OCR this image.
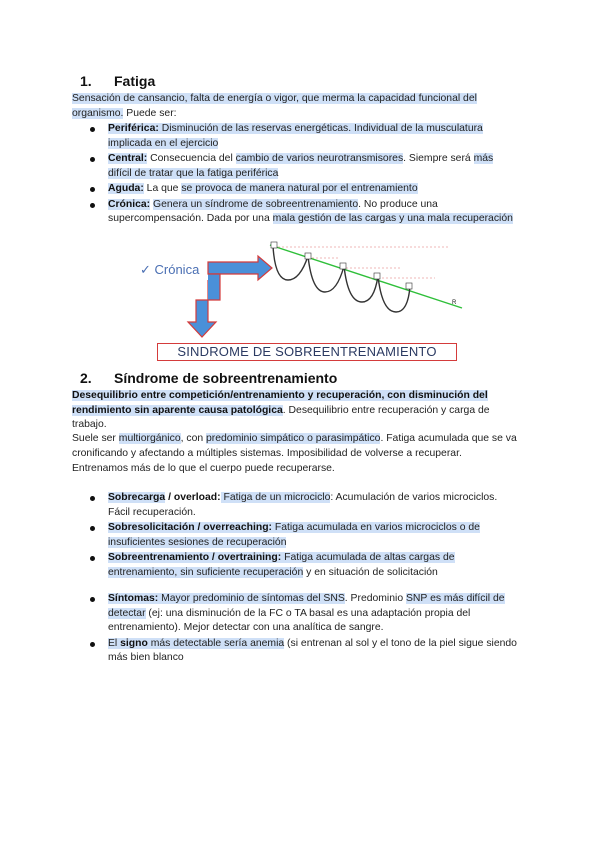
1. Fatiga

Sensación de cansancio, falta de energía o vigor, que merma la capacidad funcional del organismo. Puede ser:

Periférica: Disminución de las reservas energéticas. Individual de la musculatura implicada en el ejercicio
Central: Consecuencia del cambio de varios neurotransmisores. Siempre será más difícil de tratar que la fatiga periférica
Aguda: La que se provoca de manera natural por el entrenamiento
Crónica: Genera un síndrome de sobreentrenamiento. No produce una supercompensación. Dada por una mala gestión de las cargas y una mala recuperación
✓ Crónica
R
SINDROME DE SOBREENTRENAMIENTO
2. Síndrome de sobreentrenamiento

Desequilibrio entre competición/entrenamiento y recuperación, con disminución del rendimiento sin aparente causa patológica. Desequilibrio entre recuperación y carga de trabajo.

Suele ser multiorgánico, con predominio simpático o parasimpático. Fatiga acumulada que se va cronificando y afectando a múltiples sistemas. Imposibilidad de volverse a recuperar.

Entrenamos más de lo que el cuerpo puede recuperarse.

Sobrecarga / overload: Fatiga de un microciclo: Acumulación de varios microciclos. Fácil recuperación.
Sobresolicitación / overreaching: Fatiga acumulada en varios microciclos o de insuficientes sesiones de recuperación
Sobreentrenamiento / overtraining: Fatiga acumulada de altas cargas de entrenamiento, sin suficiente recuperación y en situación de solicitación
Síntomas: Mayor predominio de síntomas del SNS. Predominio SNP es más difícil de detectar (ej: una disminución de la FC o TA basal es una adaptación propia del entrenamiento). Mejor detectar con una analítica de sangre.
El signo más detectable sería anemia (si entrenan al sol y el tono de la piel sigue siendo más bien blanco
